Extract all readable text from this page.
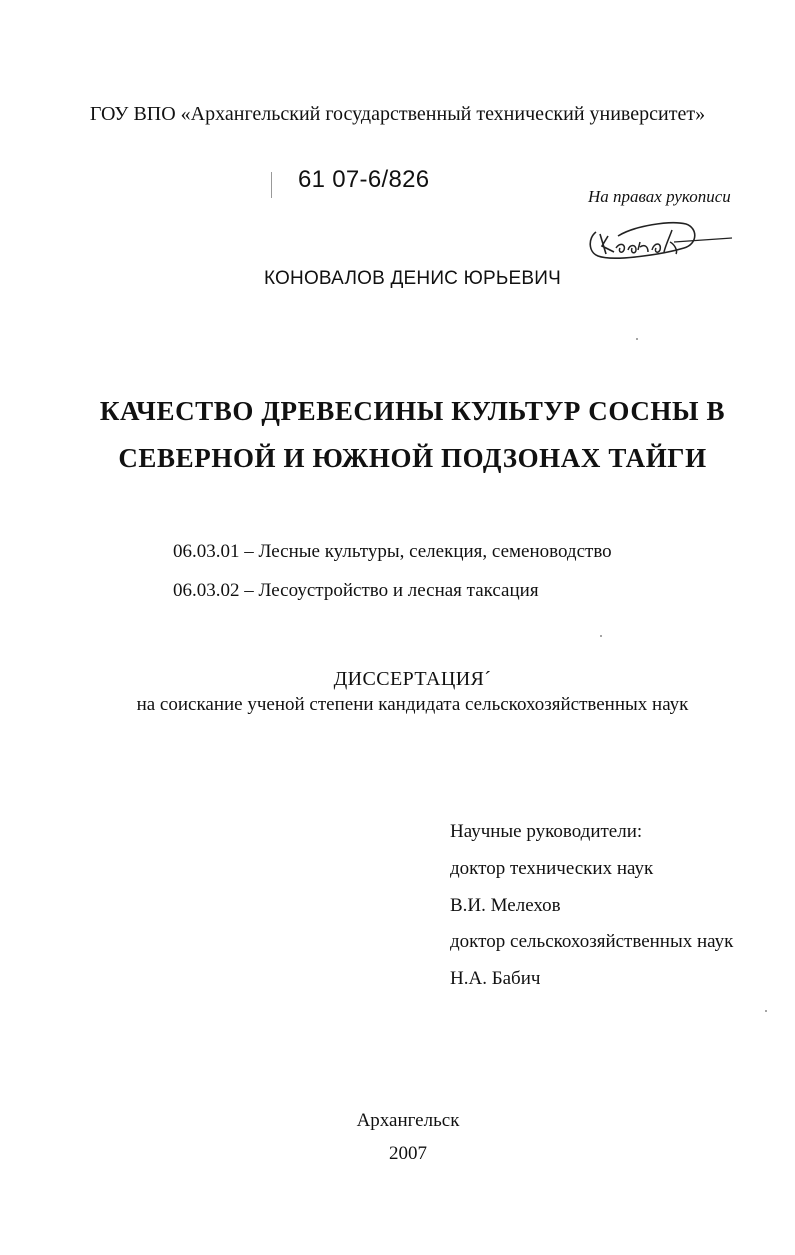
ГОУ ВПО «Архангельский государственный технический университет»
61 07-6/826
На правах рукописи
КОНОВАЛОВ ДЕНИС ЮРЬЕВИЧ
КАЧЕСТВО ДРЕВЕСИНЫ КУЛЬТУР СОСНЫ В
СЕВЕРНОЙ И ЮЖНОЙ ПОДЗОНАХ ТАЙГИ
06.03.01 – Лесные культуры, селекция, семеноводство
06.03.02 – Лесоустройство и лесная таксация
ДИССЕРТАЦИЯ´
на соискание ученой степени кандидата сельскохозяйственных наук
Научные руководители:
доктор технических наук
В.И. Мелехов
доктор сельскохозяйственных наук
Н.А. Бабич
Архангельск
2007
